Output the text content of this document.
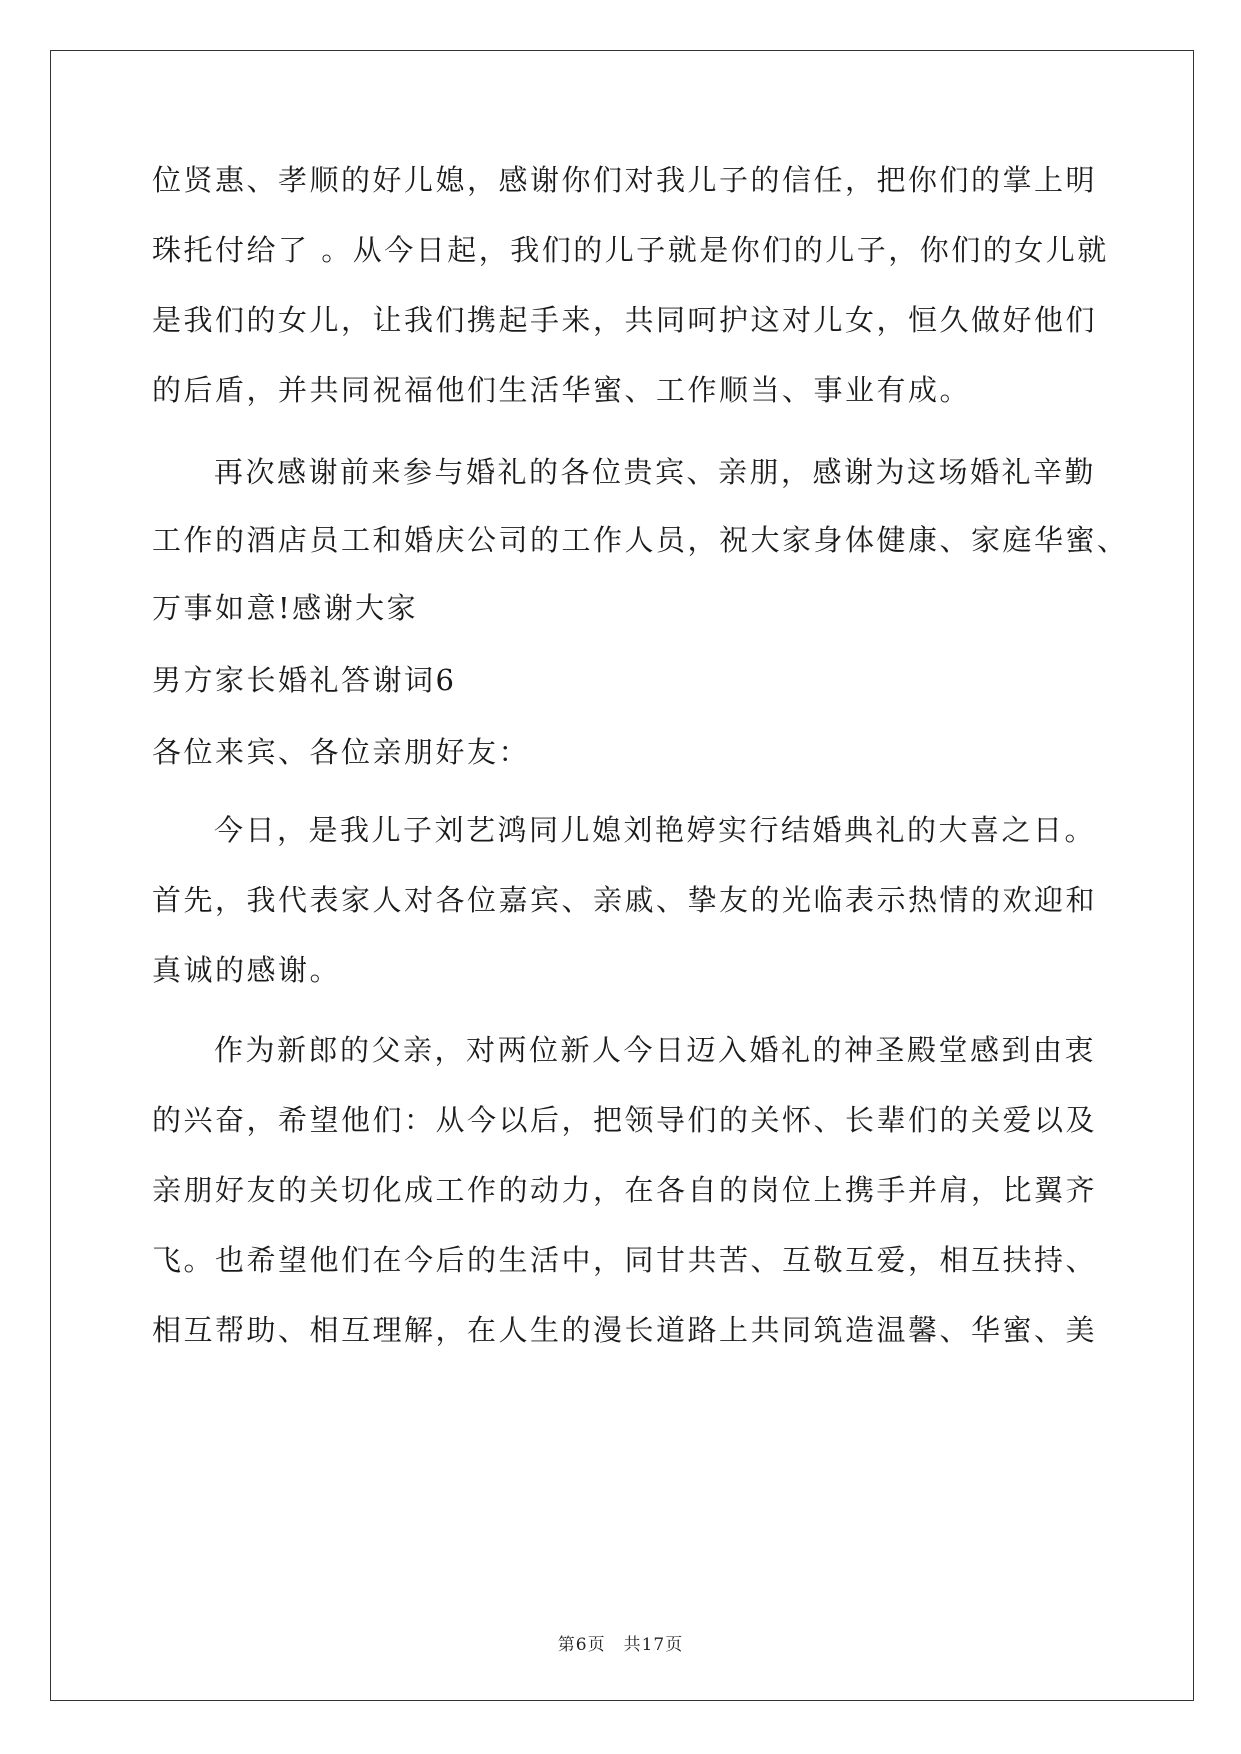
位贤惠、孝顺的好儿媳，感谢你们对我儿子的信任，把你们的掌上明
珠托付给了 。从今日起，我们的儿子就是你们的儿子，你们的女儿就
是我们的女儿，让我们携起手来，共同呵护这对儿女，恒久做好他们
的后盾，并共同祝福他们生活华蜜、工作顺当、事业有成。
再次感谢前来参与婚礼的各位贵宾、亲朋，感谢为这场婚礼辛勤
工作的酒店员工和婚庆公司的工作人员，祝大家身体健康、家庭华蜜、
万事如意!感谢大家
男方家长婚礼答谢词6
各位来宾、各位亲朋好友：
今日，是我儿子刘艺鸿同儿媳刘艳婷实行结婚典礼的大喜之日。
首先，我代表家人对各位嘉宾、亲戚、挚友的光临表示热情的欢迎和
真诚的感谢。
作为新郎的父亲，对两位新人今日迈入婚礼的神圣殿堂感到由衷
的兴奋，希望他们：从今以后，把领导们的关怀、长辈们的关爱以及
亲朋好友的关切化成工作的动力，在各自的岗位上携手并肩，比翼齐
飞。也希望他们在今后的生活中，同甘共苦、互敬互爱，相互扶持、
相互帮助、相互理解，在人生的漫长道路上共同筑造温馨、华蜜、美
第6页　共17页
